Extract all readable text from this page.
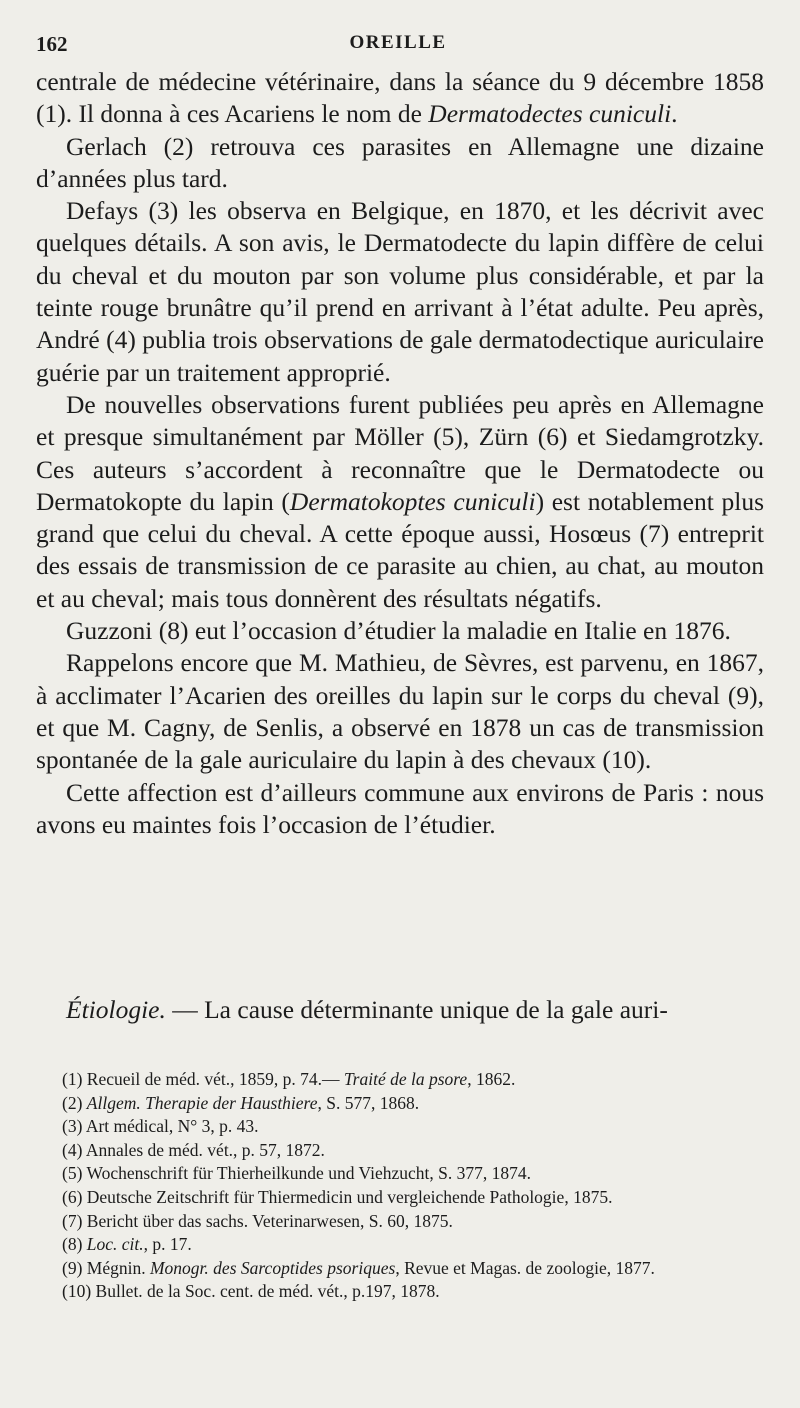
162	OREILLE

centrale de médecine vétérinaire, dans la séance du 9 décembre 1858 (1). Il donna à ces Acariens le nom de Dermatodectes cuniculi.

Gerlach (2) retrouva ces parasites en Allemagne une dizaine d’années plus tard.

Defays (3) les observa en Belgique, en 1870, et les décrivit avec quelques détails. A son avis, le Dermatodecte du lapin diffère de celui du cheval et du mouton par son volume plus considérable, et par la teinte rouge brunâtre qu’il prend en arrivant à l’état adulte. Peu après, André (4) publia trois observations de gale dermatodectique auriculaire guérie par un traitement approprié.

De nouvelles observations furent publiées peu après en Allemagne et presque simultanément par Möller (5), Zürn (6) et Siedamgrotzky. Ces auteurs s’accordent à reconnaître que le Dermatodecte ou Dermatokopte du lapin (Dermatokoptes cuniculi) est notablement plus grand que celui du cheval. A cette époque aussi, Hosœus (7) entreprit des essais de transmission de ce parasite au chien, au chat, au mouton et au cheval; mais tous donnèrent des résultats négatifs.

Guzzoni (8) eut l’occasion d’étudier la maladie en Italie en 1876.

Rappelons encore que M. Mathieu, de Sèvres, est parvenu, en 1867, à acclimater l’Acarien des oreilles du lapin sur le corps du cheval (9), et que M. Cagny, de Senlis, a observé en 1878 un cas de transmission spontanée de la gale auriculaire du lapin à des chevaux (10).

Cette affection est d’ailleurs commune aux environs de Paris : nous avons eu maintes fois l’occasion de l’étudier.

Étiologie. — La cause déterminante unique de la gale auri-

(1) Recueil de méd. vét., 1859, p. 74.— Traité de la psore, 1862.

(2) Allgem. Therapie der Hausthiere, S. 577, 1868.

(3) Art médical, N° 3, p. 43.

(4) Annales de méd. vét., p. 57, 1872.

(5) Wochenschrift für Thierheilkunde und Viehzucht, S. 377, 1874.

(6) Deutsche Zeitschrift für Thiermedicin und vergleichende Pathologie, 1875.

(7) Bericht über das sachs. Veterinarwesen, S. 60, 1875.

(8) Loc. cit., p. 17.

(9) Mégnin. Monogr. des Sarcoptides psoriques, Revue et Magas. de zoologie, 1877.

(10) Bullet. de la Soc. cent. de méd. vét., p.197, 1878.
